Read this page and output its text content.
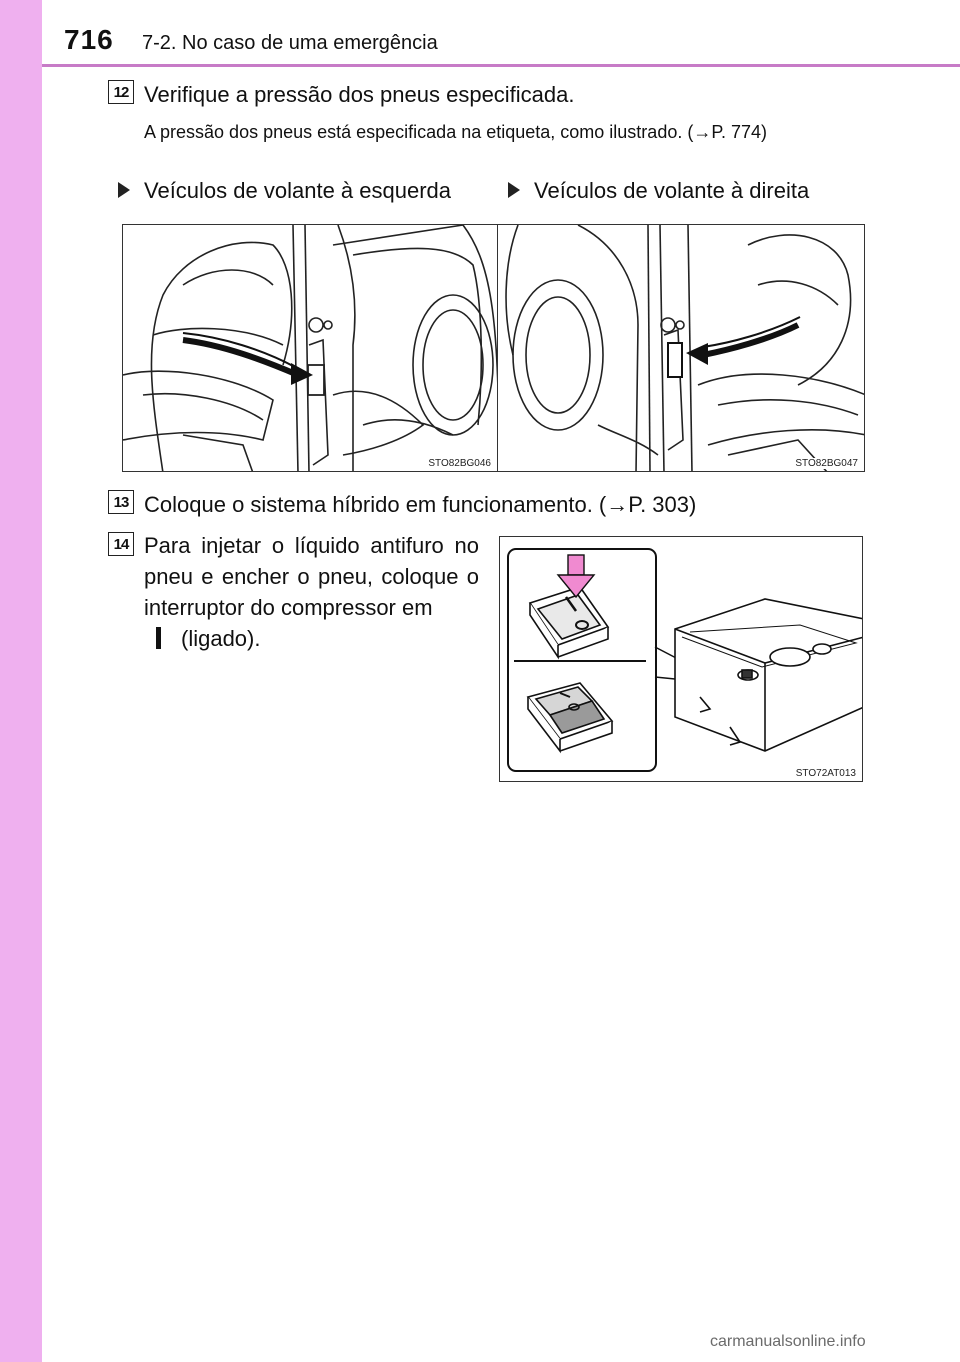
716 7-2. No caso de uma emergência
12 Verifique a pressão dos pneus especificada.
A pressão dos pneus está especificada na etiqueta, como ilustrado. (→P. 774)
Veículos de volante à esquerda	Veículos de volante à direita
STO82BG046	STO82BG047
13 Coloque o sistema híbrido em funcionamento. (→P. 303)
14 Para injetar o líquido antifuro no pneu e encher o pneu, coloque o interruptor do compressor em
(ligado).
STO72AT013
carmanualsonline.info
